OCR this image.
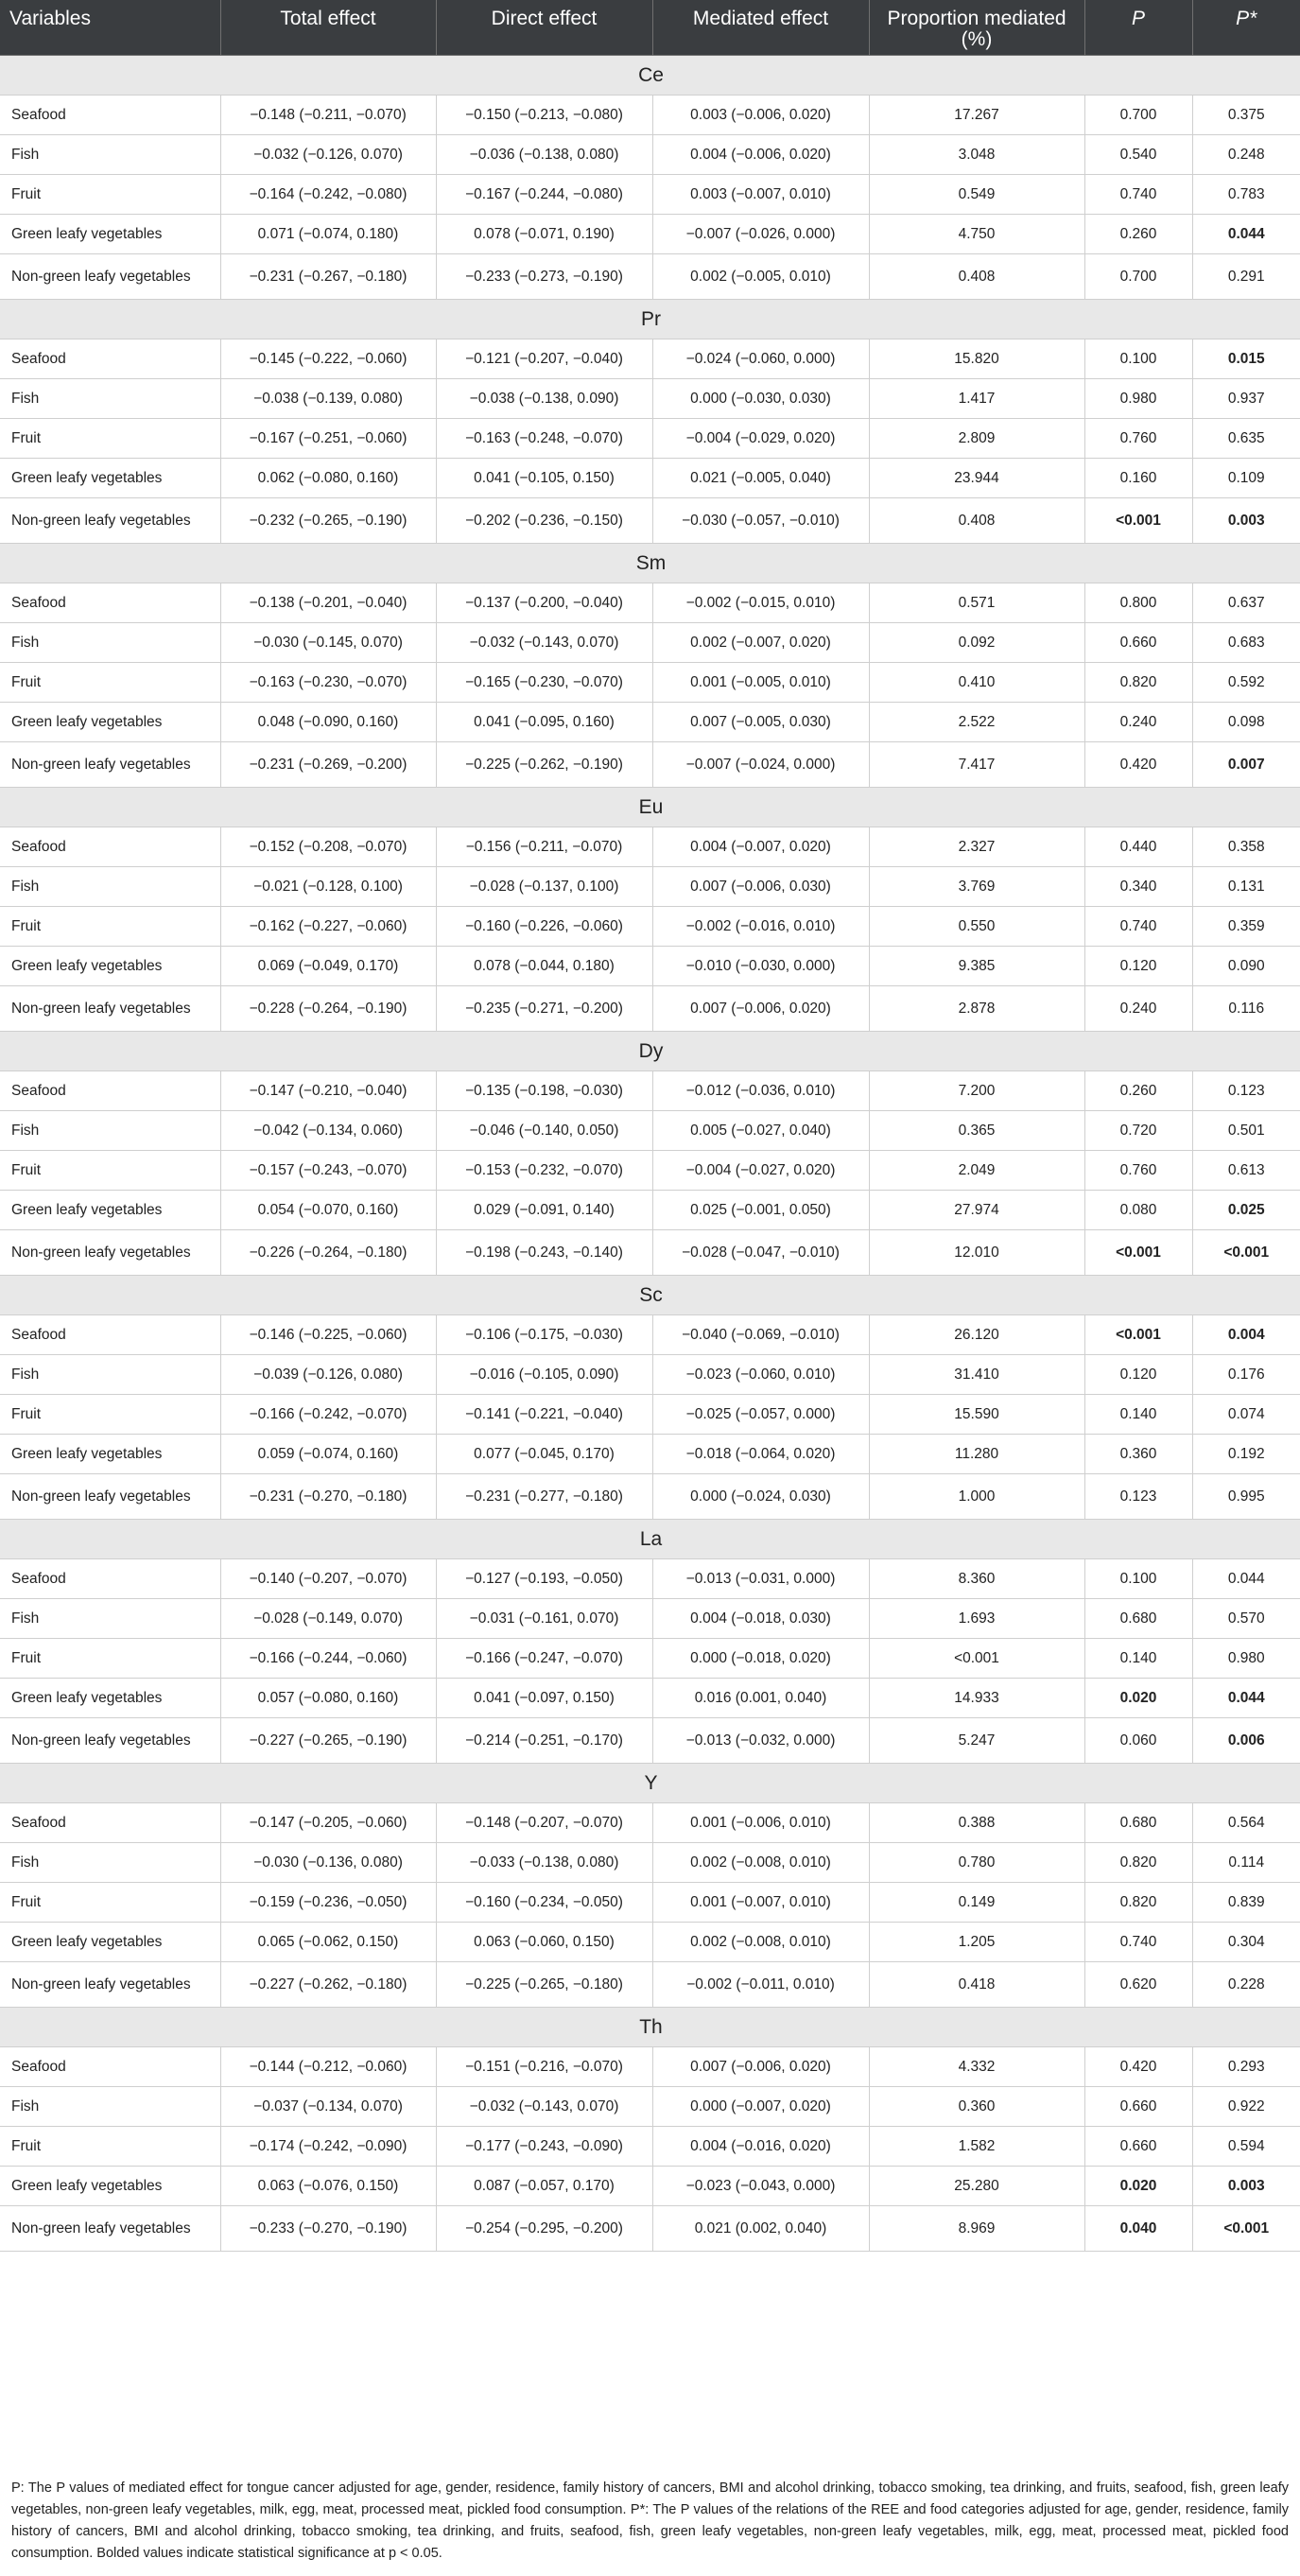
Variables	Total effect	Direct effect	Mediated effect	Proportion mediated (%)	P	P*
Ce						
Seafood	−0.148 (−0.211, −0.070)	−0.150 (−0.213, −0.080)	0.003 (−0.006, 0.020)	17.267	0.700	0.375
Fish	−0.032 (−0.126, 0.070)	−0.036 (−0.138, 0.080)	0.004 (−0.006, 0.020)	3.048	0.540	0.248
Fruit	−0.164 (−0.242, −0.080)	−0.167 (−0.244, −0.080)	0.003 (−0.007, 0.010)	0.549	0.740	0.783
Green leafy vegetables	0.071 (−0.074, 0.180)	0.078 (−0.071, 0.190)	−0.007 (−0.026, 0.000)	4.750	0.260	0.044
Non-green leafy vegetables	−0.231 (−0.267, −0.180)	−0.233 (−0.273, −0.190)	0.002 (−0.005, 0.010)	0.408	0.700	0.291
Pr						
Seafood	−0.145 (−0.222, −0.060)	−0.121 (−0.207, −0.040)	−0.024 (−0.060, 0.000)	15.820	0.100	0.015
Fish	−0.038 (−0.139, 0.080)	−0.038 (−0.138, 0.090)	0.000 (−0.030, 0.030)	1.417	0.980	0.937
Fruit	−0.167 (−0.251, −0.060)	−0.163 (−0.248, −0.070)	−0.004 (−0.029, 0.020)	2.809	0.760	0.635
Green leafy vegetables	0.062 (−0.080, 0.160)	0.041 (−0.105, 0.150)	0.021 (−0.005, 0.040)	23.944	0.160	0.109
Non-green leafy vegetables	−0.232 (−0.265, −0.190)	−0.202 (−0.236, −0.150)	−0.030 (−0.057, −0.010)	0.408	<0.001	0.003
Sm						
Seafood	−0.138 (−0.201, −0.040)	−0.137 (−0.200, −0.040)	−0.002 (−0.015, 0.010)	0.571	0.800	0.637
Fish	−0.030 (−0.145, 0.070)	−0.032 (−0.143, 0.070)	0.002 (−0.007, 0.020)	0.092	0.660	0.683
Fruit	−0.163 (−0.230, −0.070)	−0.165 (−0.230, −0.070)	0.001 (−0.005, 0.010)	0.410	0.820	0.592
Green leafy vegetables	0.048 (−0.090, 0.160)	0.041 (−0.095, 0.160)	0.007 (−0.005, 0.030)	2.522	0.240	0.098
Non-green leafy vegetables	−0.231 (−0.269, −0.200)	−0.225 (−0.262, −0.190)	−0.007 (−0.024, 0.000)	7.417	0.420	0.007
Eu						
Seafood	−0.152 (−0.208, −0.070)	−0.156 (−0.211, −0.070)	0.004 (−0.007, 0.020)	2.327	0.440	0.358
Fish	−0.021 (−0.128, 0.100)	−0.028 (−0.137, 0.100)	0.007 (−0.006, 0.030)	3.769	0.340	0.131
Fruit	−0.162 (−0.227, −0.060)	−0.160 (−0.226, −0.060)	−0.002 (−0.016, 0.010)	0.550	0.740	0.359
Green leafy vegetables	0.069 (−0.049, 0.170)	0.078 (−0.044, 0.180)	−0.010 (−0.030, 0.000)	9.385	0.120	0.090
Non-green leafy vegetables	−0.228 (−0.264, −0.190)	−0.235 (−0.271, −0.200)	0.007 (−0.006, 0.020)	2.878	0.240	0.116
Dy						
Seafood	−0.147 (−0.210, −0.040)	−0.135 (−0.198, −0.030)	−0.012 (−0.036, 0.010)	7.200	0.260	0.123
Fish	−0.042 (−0.134, 0.060)	−0.046 (−0.140, 0.050)	0.005 (−0.027, 0.040)	0.365	0.720	0.501
Fruit	−0.157 (−0.243, −0.070)	−0.153 (−0.232, −0.070)	−0.004 (−0.027, 0.020)	2.049	0.760	0.613
Green leafy vegetables	0.054 (−0.070, 0.160)	0.029 (−0.091, 0.140)	0.025 (−0.001, 0.050)	27.974	0.080	0.025
Non-green leafy vegetables	−0.226 (−0.264, −0.180)	−0.198 (−0.243, −0.140)	−0.028 (−0.047, −0.010)	12.010	<0.001	<0.001
Sc						
Seafood	−0.146 (−0.225, −0.060)	−0.106 (−0.175, −0.030)	−0.040 (−0.069, −0.010)	26.120	<0.001	0.004
Fish	−0.039 (−0.126, 0.080)	−0.016 (−0.105, 0.090)	−0.023 (−0.060, 0.010)	31.410	0.120	0.176
Fruit	−0.166 (−0.242, −0.070)	−0.141 (−0.221, −0.040)	−0.025 (−0.057, 0.000)	15.590	0.140	0.074
Green leafy vegetables	0.059 (−0.074, 0.160)	0.077 (−0.045, 0.170)	−0.018 (−0.064, 0.020)	11.280	0.360	0.192
Non-green leafy vegetables	−0.231 (−0.270, −0.180)	−0.231 (−0.277, −0.180)	0.000 (−0.024, 0.030)	1.000	0.123	0.995
La						
Seafood	−0.140 (−0.207, −0.070)	−0.127 (−0.193, −0.050)	−0.013 (−0.031, 0.000)	8.360	0.100	0.044
Fish	−0.028 (−0.149, 0.070)	−0.031 (−0.161, 0.070)	0.004 (−0.018, 0.030)	1.693	0.680	0.570
Fruit	−0.166 (−0.244, −0.060)	−0.166 (−0.247, −0.070)	0.000 (−0.018, 0.020)	<0.001	0.140	0.980
Green leafy vegetables	0.057 (−0.080, 0.160)	0.041 (−0.097, 0.150)	0.016 (0.001, 0.040)	14.933	0.020	0.044
Non-green leafy vegetables	−0.227 (−0.265, −0.190)	−0.214 (−0.251, −0.170)	−0.013 (−0.032, 0.000)	5.247	0.060	0.006
Y						
Seafood	−0.147 (−0.205, −0.060)	−0.148 (−0.207, −0.070)	0.001 (−0.006, 0.010)	0.388	0.680	0.564
Fish	−0.030 (−0.136, 0.080)	−0.033 (−0.138, 0.080)	0.002 (−0.008, 0.010)	0.780	0.820	0.114
Fruit	−0.159 (−0.236, −0.050)	−0.160 (−0.234, −0.050)	0.001 (−0.007, 0.010)	0.149	0.820	0.839
Green leafy vegetables	0.065 (−0.062, 0.150)	0.063 (−0.060, 0.150)	0.002 (−0.008, 0.010)	1.205	0.740	0.304
Non-green leafy vegetables	−0.227 (−0.262, −0.180)	−0.225 (−0.265, −0.180)	−0.002 (−0.011, 0.010)	0.418	0.620	0.228
Th						
Seafood	−0.144 (−0.212, −0.060)	−0.151 (−0.216, −0.070)	0.007 (−0.006, 0.020)	4.332	0.420	0.293
Fish	−0.037 (−0.134, 0.070)	−0.032 (−0.143, 0.070)	0.000 (−0.007, 0.020)	0.360	0.660	0.922
Fruit	−0.174 (−0.242, −0.090)	−0.177 (−0.243, −0.090)	0.004 (−0.016, 0.020)	1.582	0.660	0.594
Green leafy vegetables	0.063 (−0.076, 0.150)	0.087 (−0.057, 0.170)	−0.023 (−0.043, 0.000)	25.280	0.020	0.003
Non-green leafy vegetables	−0.233 (−0.270, −0.190)	−0.254 (−0.295, −0.200)	0.021 (0.002, 0.040)	8.969	0.040	<0.001
P: The P values of mediated effect for tongue cancer adjusted for age, gender, residence, family history of cancers, BMI and alcohol drinking, tobacco smoking, tea drinking, and fruits, seafood, fish, green leafy vegetables, non-green leafy vegetables, milk, egg, meat, processed meat, pickled food consumption. P*: The P values of the relations of the REE and food categories adjusted for age, gender, residence, family history of cancers, BMI and alcohol drinking, tobacco smoking, tea drinking, and fruits, seafood, fish, green leafy vegetables, non-green leafy vegetables, milk, egg, meat, processed meat, pickled food consumption. Bolded values indicate statistical significance at p < 0.05.
